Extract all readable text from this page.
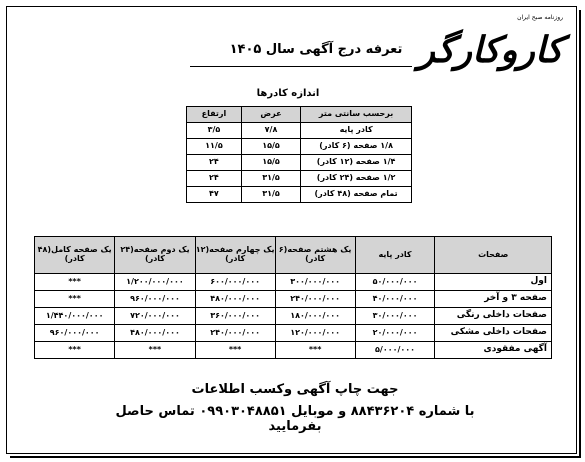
روزنامه صبح ایران
کاروکارگر
تعرفه درج آگهی سال ۱۴۰۵
اندازه کادرها
برحسب سانتی متر	عرض	ارتفاع
کادر پایه	۷/۸	۳/۵
۱/۸ صفحه (۶ کادر)	۱۵/۵	۱۱/۵
۱/۴ صفحه (۱۲ کادر)	۱۵/۵	۲۴
۱/۲ صفحه (۲۴ کادر)	۳۱/۵	۲۴
تمام صفحه (۴۸ کادر)	۳۱/۵	۴۷
صفحات	کادر پایه	یک هشتم صفحه(۶ کادر)	یک چهارم صفحه(۱۲ کادر)	یک دوم صفحه(۲۴ کادر)	یک صفحه کامل(۴۸ کادر)
اول	۵۰/۰۰۰/۰۰۰	۳۰۰/۰۰۰/۰۰۰	۶۰۰/۰۰۰/۰۰۰	۱/۲۰۰/۰۰۰/۰۰۰	***
صفحه ۳ و آخر	۴۰/۰۰۰/۰۰۰	۲۴۰/۰۰۰/۰۰۰	۴۸۰/۰۰۰/۰۰۰	۹۶۰/۰۰۰/۰۰۰	***
صفحات داخلی رنگی	۳۰/۰۰۰/۰۰۰	۱۸۰/۰۰۰/۰۰۰	۳۶۰/۰۰۰/۰۰۰	۷۲۰/۰۰۰/۰۰۰	۱/۴۴۰/۰۰۰/۰۰۰
صفحات داخلی مشکی	۲۰/۰۰۰/۰۰۰	۱۲۰/۰۰۰/۰۰۰	۲۴۰/۰۰۰/۰۰۰	۴۸۰/۰۰۰/۰۰۰	۹۶۰/۰۰۰/۰۰۰
آگهی مفقودی	۵/۰۰۰/۰۰۰	***	***	***	***
جهت چاپ آگهی وکسب اطلاعات
با شماره ۸۸۴۳۶۲۰۴ و موبایل ۰۹۹۰۳۰۴۸۸۵۱ تماس حاصل بفرمایید
